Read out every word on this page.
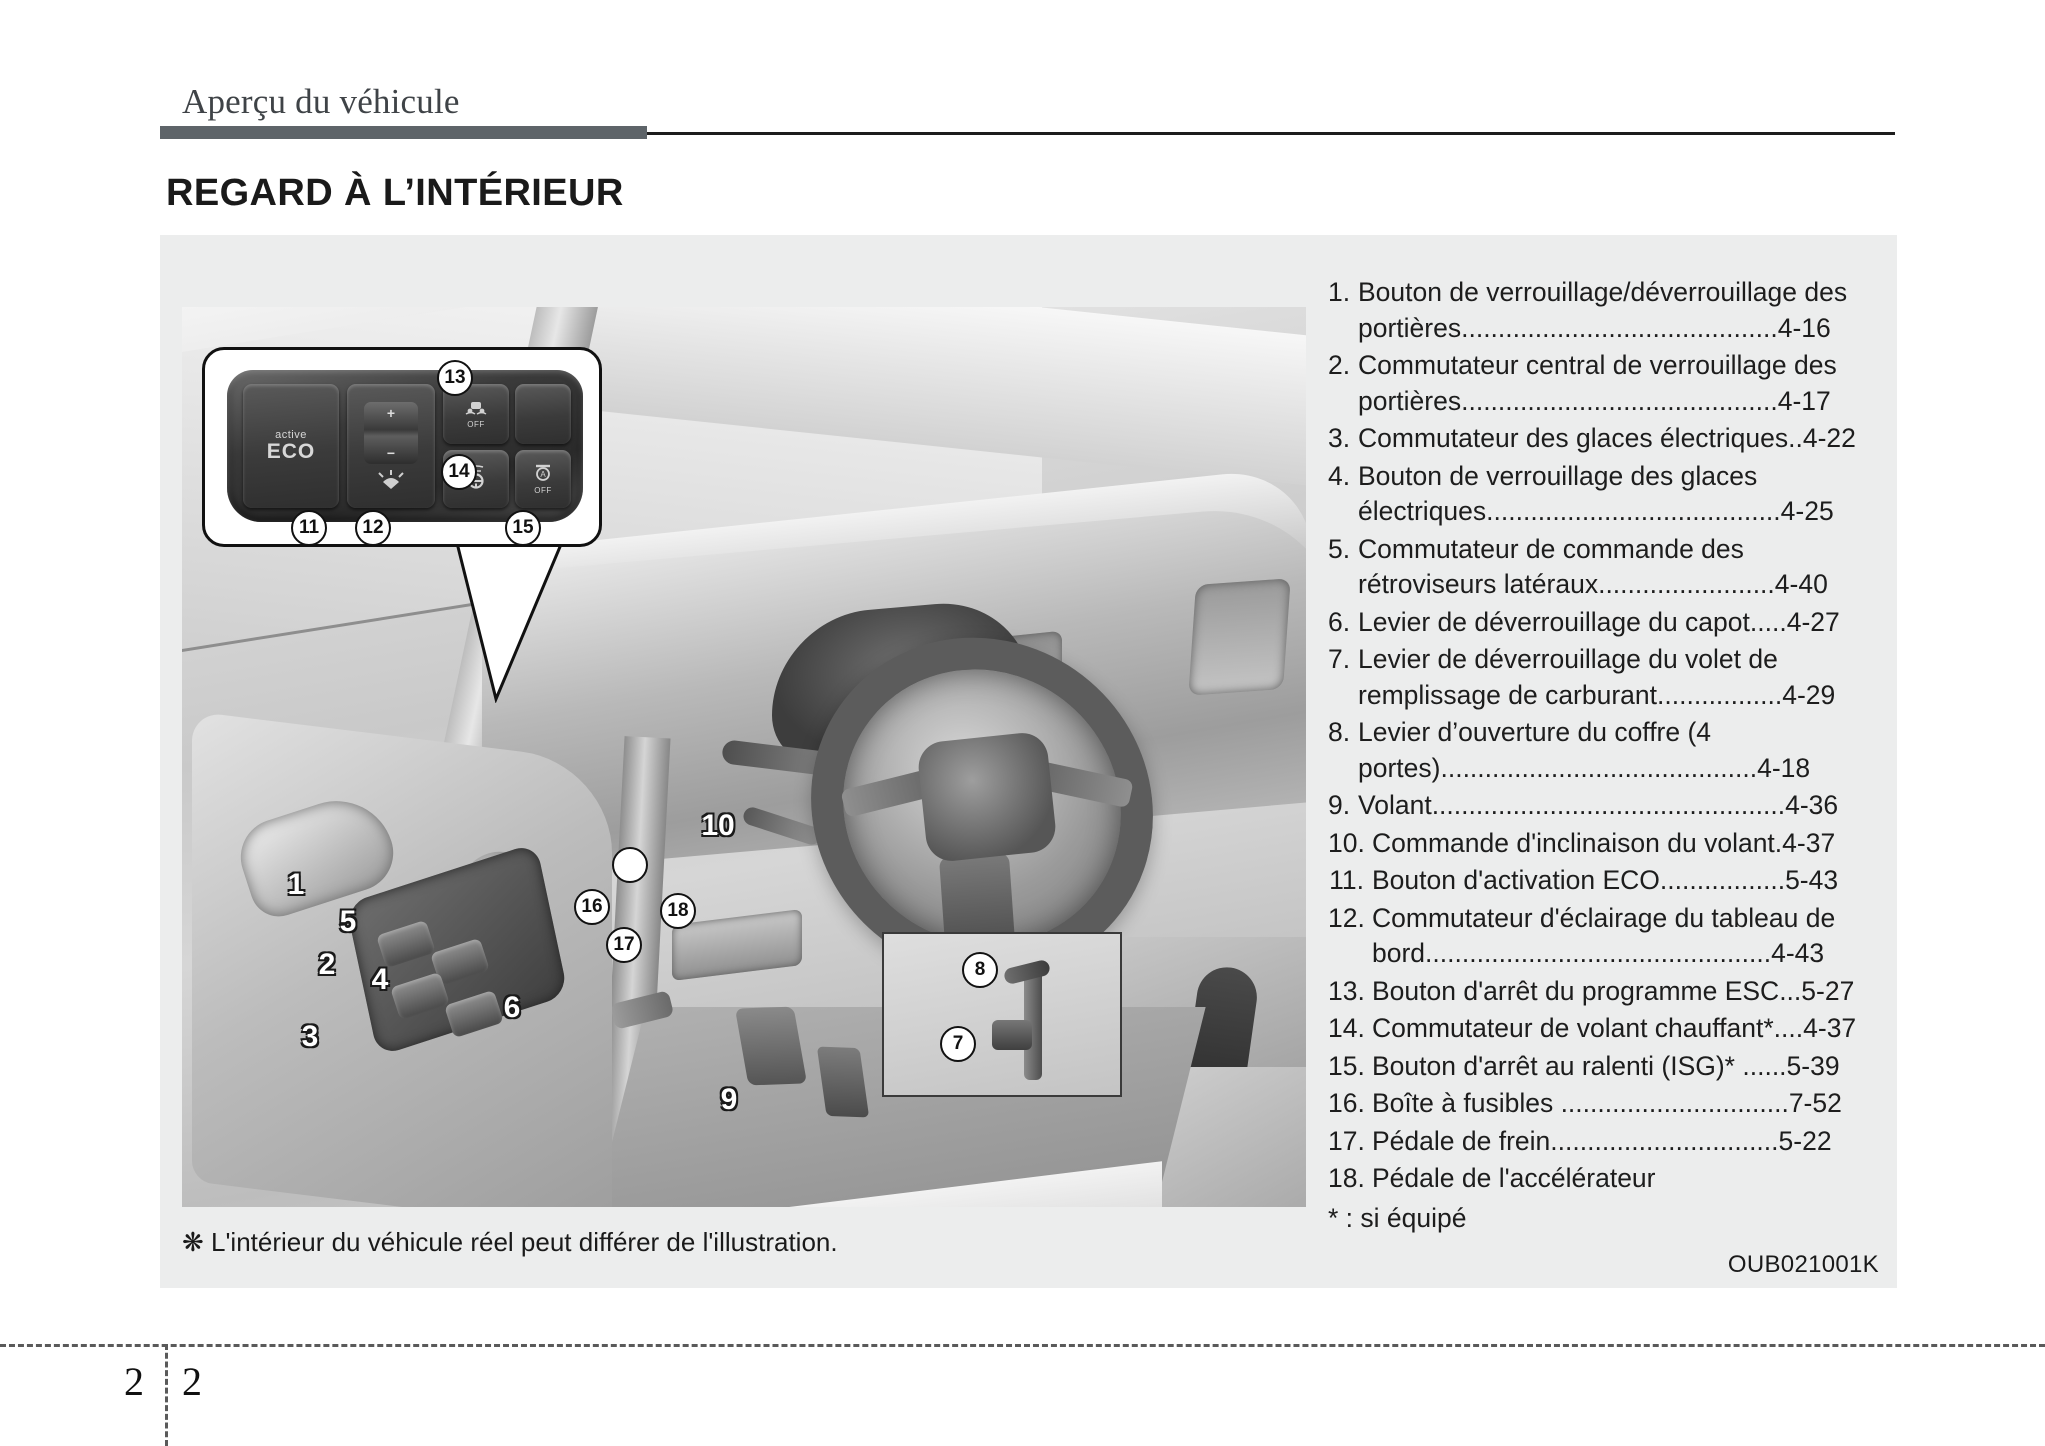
Aperçu du véhicule
REGARD À L’INTÉRIEUR
1
2
3
4
5
6
9
10
16
17
18
8
7
active
ECO
+
−
OFF
A
OFF
11	12
13
14
15
❋ L'intérieur du véhicule réel peut différer de l'illustration.
1. Bouton de verrouillage/déverrouillage des portières...........................................4-16
2. Commutateur central de verrouillage des portières...........................................4-17
3. Commutateur des glaces électriques..4-22
4. Bouton de verrouillage des glaces électriques........................................4-25
5. Commutateur de commande des rétroviseurs latéraux........................4-40
6. Levier de déverrouillage du capot.....4-27
7. Levier de déverrouillage du volet de remplissage de carburant.................4-29
8. Levier d’ouverture du coffre (4 portes)...........................................4-18
9. Volant................................................4-36
10. Commande d'inclinaison du volant.4-37
11. Bouton d'activation ECO.................5-43
12. Commutateur d'éclairage du tableau de bord...............................................4-43
13. Bouton d'arrêt du programme ESC...5-27
14. Commutateur de volant chauffant*....4-37
15. Bouton d'arrêt au ralenti (ISG)* ......5-39
16. Boîte à fusibles ...............................7-52
17. Pédale de frein...............................5-22
18. Pédale de l'accélérateur
* : si équipé
OUB021001K
2 2
